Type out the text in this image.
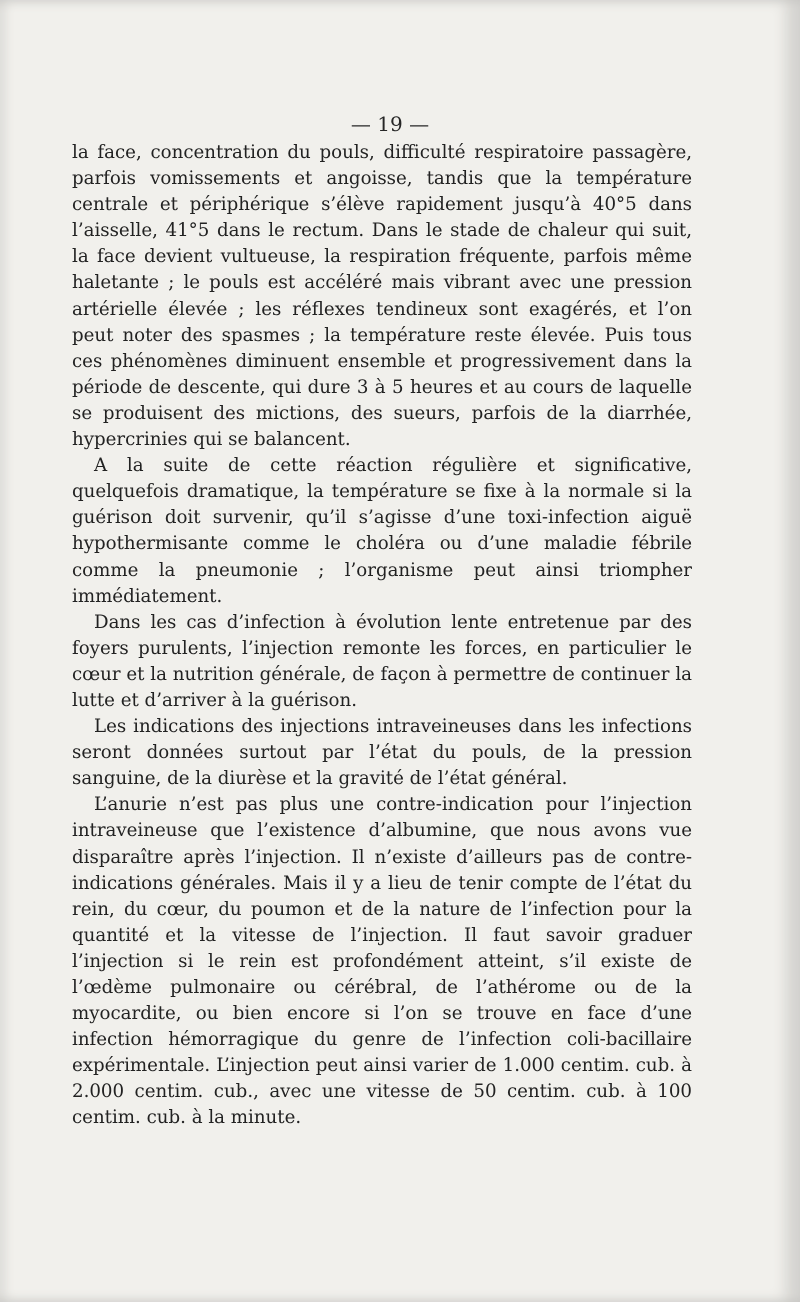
— 19 —

la face, concentration du pouls, difficulté respiratoire passagère, parfois vomissements et angoisse, tandis que la température centrale et périphérique s’élève rapidement jusqu’à 40°5 dans l’aisselle, 41°5 dans le rectum. Dans le stade de chaleur qui suit, la face devient vultueuse, la respiration fréquente, parfois même haletante ; le pouls est accéléré mais vibrant avec une pression artérielle élevée ; les réflexes tendineux sont exagérés, et l’on peut noter des spasmes ; la température reste élevée. Puis tous ces phénomènes diminuent ensemble et progressivement dans la période de descente, qui dure 3 à 5 heures et au cours de laquelle se produisent des mictions, des sueurs, parfois de la diarrhée, hypercrinies qui se balancent.

A la suite de cette réaction régulière et significative, quelquefois dramatique, la température se fixe à la normale si la guérison doit survenir, qu’il s’agisse d’une toxi-infection aiguë hypothermisante comme le choléra ou d’une maladie fébrile comme la pneumonie ; l’organisme peut ainsi triompher immédiatement.

Dans les cas d’infection à évolution lente entretenue par des foyers purulents, l’injection remonte les forces, en particulier le cœur et la nutrition générale, de façon à permettre de continuer la lutte et d’arriver à la guérison.

Les indications des injections intraveineuses dans les infections seront données surtout par l’état du pouls, de la pression sanguine, de la diurèse et la gravité de l’état général.

L’anurie n’est pas plus une contre-indication pour l’injection intraveineuse que l’existence d’albumine, que nous avons vue disparaître après l’injection. Il n’existe d’ailleurs pas de contre-indications générales. Mais il y a lieu de tenir compte de l’état du rein, du cœur, du poumon et de la nature de l’infection pour la quantité et la vitesse de l’injection. Il faut savoir graduer l’injection si le rein est profondément atteint, s’il existe de l’œdème pulmonaire ou cérébral, de l’athérome ou de la myocardite, ou bien encore si l’on se trouve en face d’une infection hémorragique du genre de l’infection coli-bacillaire expérimentale. L’injection peut ainsi varier de 1.000 centim. cub. à 2.000 centim. cub., avec une vitesse de 50 centim. cub. à 100 centim. cub. à la minute.
